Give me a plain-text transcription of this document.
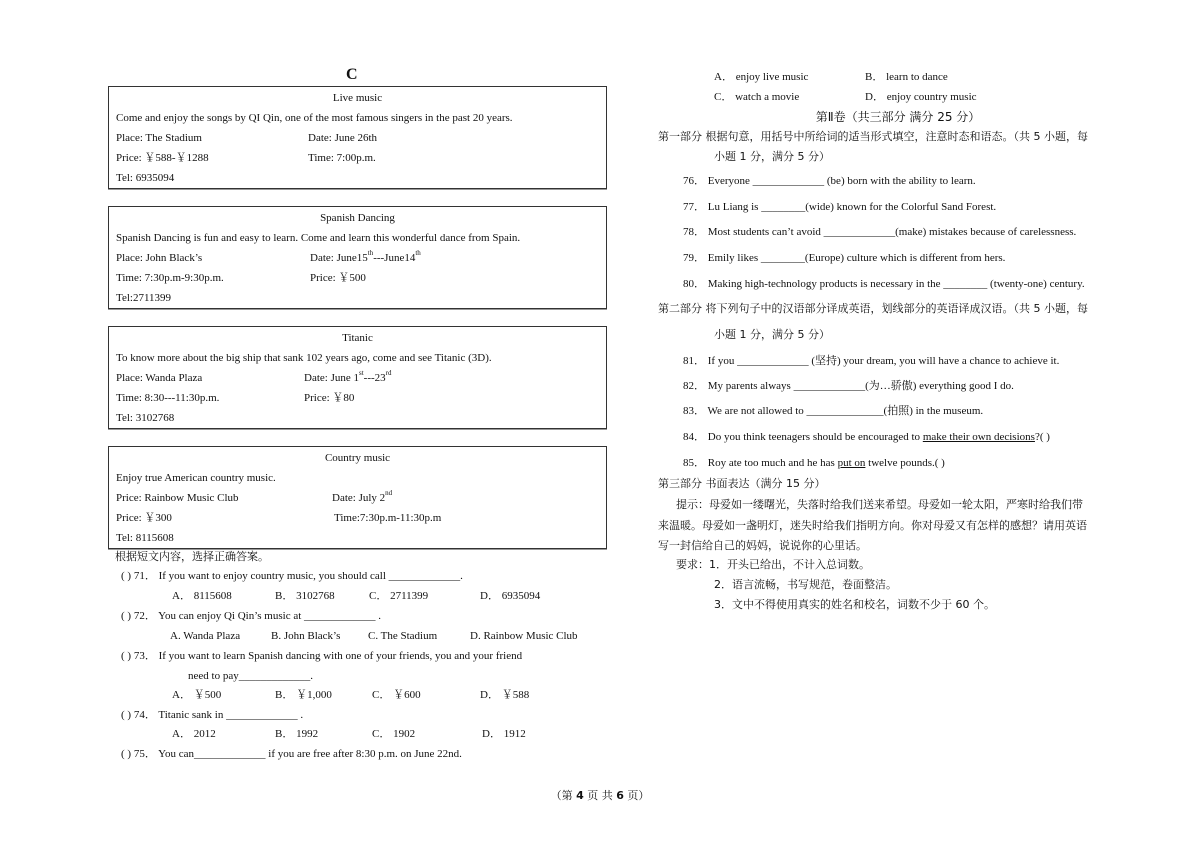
C
Live music
Come and enjoy the songs by QI Qin, one of the most famous singers in the past 20 years.
Place: The Stadium	Date: June 26th
Price: ￥588-￥1288	Time: 7:00p.m.
Tel: 6935094
Spanish Dancing
Spanish Dancing is fun and easy to learn. Come and learn this wonderful dance from Spain.
Place: John Black’s	Date: June15th---June14th
Time: 7:30p.m-9:30p.m.	Price: ￥500
Tel:2711399
Titanic
To know more about the big ship that sank 102 years ago, come and see Titanic (3D).
Place: Wanda Plaza	Date: June 1st---23rd
Time: 8:30---11:30p.m.	Price: ￥80
Tel: 3102768
Country music
Enjoy true American country music.
Price: Rainbow Music Club	Date: July 2nd
Price: ￥300	Time:7:30p.m-11:30p.m
Tel: 8115608
根据短文内容，选择正确答案。
( ) 71． If you want to enjoy country music, you should call _____________.
A． 8115608	B． 3102768	C． 2711399	D． 6935094
( ) 72． You can enjoy Qi Qin’s music at _____________ .
A. Wanda Plaza	B. John Black’s	C. The Stadium	D. Rainbow Music Club
( ) 73． If you want to learn Spanish dancing with one of your friends, you and your friend
need to pay_____________.
A． ￥500	B． ￥1,000	C． ￥600	D． ￥588
( ) 74． Titanic sank in _____________ .
A． 2012	B． 1992	C． 1902	D． 1912
( ) 75． You can_____________ if you are free after 8:30 p.m. on June 22nd.
A． enjoy live music	B． learn to dance
C． watch a movie	D． enjoy country music
第Ⅱ卷（共三部分 满分 25 分）
第一部分 根据句意，用括号中所给词的适当形式填空，注意时态和语态。（共 5 小题，每
小题 1 分，满分 5 分）
76． Everyone _____________ (be) born with the ability to learn.
77． Lu Liang is ________(wide) known for the Colorful Sand Forest.
78． Most students can’t avoid _____________(make) mistakes because of carelessness.
79． Emily likes ________(Europe) culture which is different from hers.
80． Making high-technology products is necessary in the ________ (twenty-one) century.
第二部分 将下列句子中的汉语部分译成英语，划线部分的英语译成汉语。（共 5 小题，每
小题 1 分，满分 5 分）
81． If you _____________ (坚持) your dream, you will have a chance to achieve it.
82． My parents always _____________(为…骄傲) everything good I do.
83． We are not allowed to ______________(拍照) in the museum.
84． Do you think teenagers should be encouraged to make their own decisions?( )
85． Roy ate too much and he has put on twelve pounds.( )
第三部分 书面表达（满分 15 分）
提示：母爱如一缕曙光，失落时给我们送来希望。母爱如一轮太阳，严寒时给我们带
来温暖。母爱如一盏明灯，迷失时给我们指明方向。你对母爱又有怎样的感想？请用英语
写一封信给自己的妈妈，说说你的心里话。
要求：1．开头已给出，不计入总词数。
2．语言流畅，书写规范，卷面整洁。
3．文中不得使用真实的姓名和校名，词数不少于 60 个。
（第 4 页 共 6 页）
